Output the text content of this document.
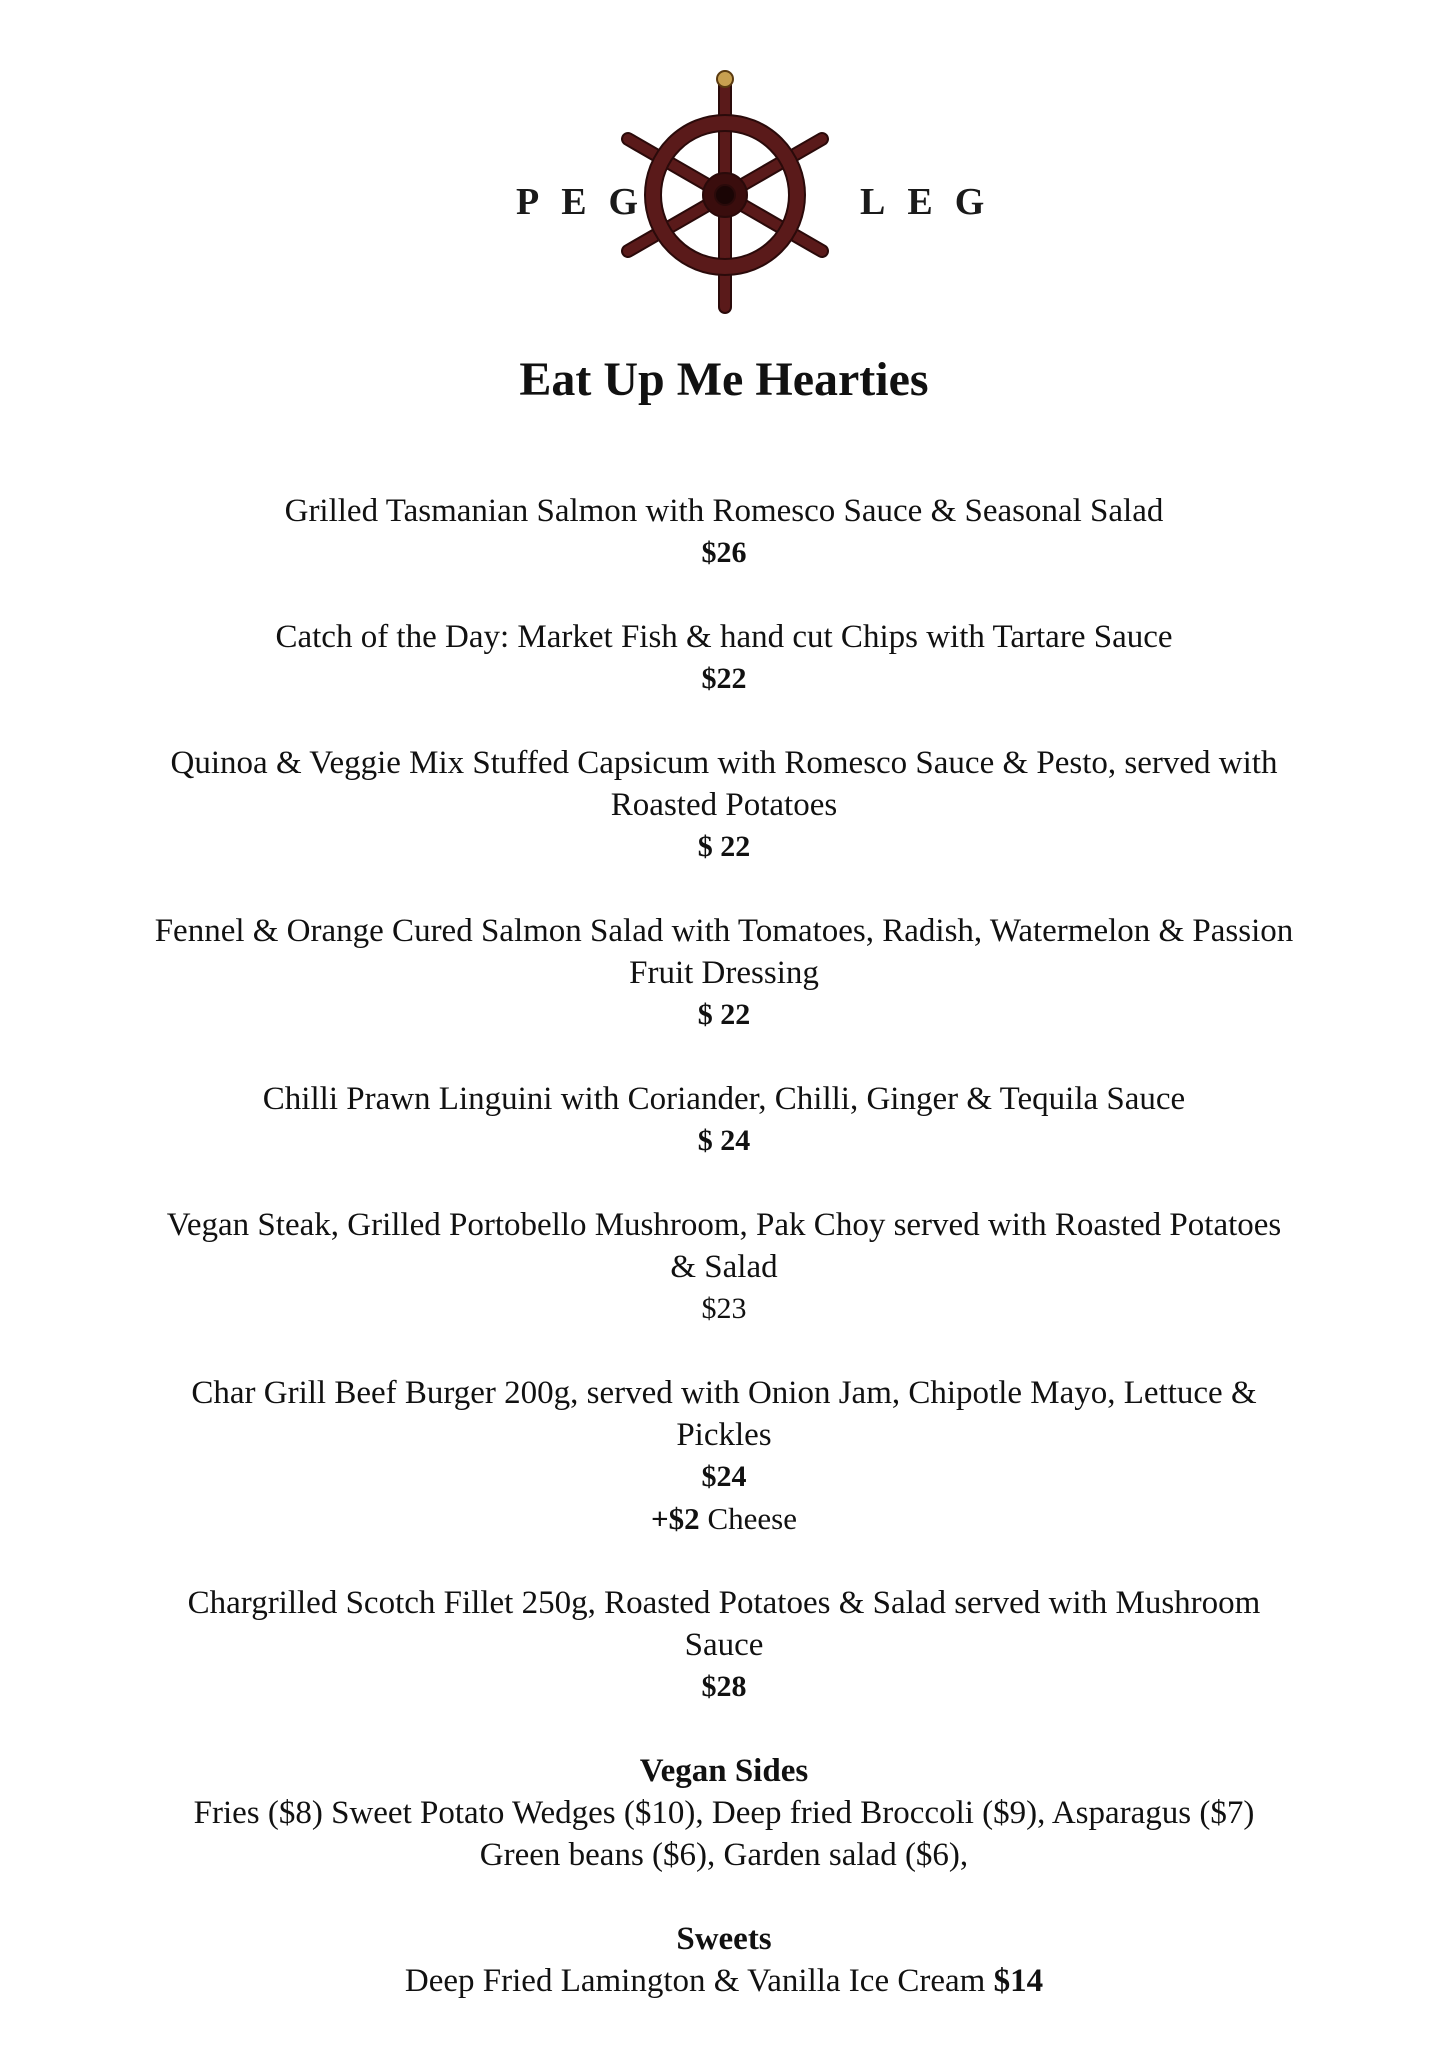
PEG	LEG
Eat Up Me Hearties
Grilled Tasmanian Salmon with Romesco Sauce & Seasonal Salad
$26
Catch of the Day: Market Fish & hand cut Chips with Tartare Sauce
$22
Quinoa & Veggie Mix Stuffed Capsicum with Romesco Sauce & Pesto, served with Roasted Potatoes
$ 22
Fennel & Orange Cured Salmon Salad with Tomatoes, Radish, Watermelon & Passion Fruit Dressing
$ 22
Chilli Prawn Linguini with Coriander, Chilli, Ginger & Tequila Sauce
$ 24
Vegan Steak, Grilled Portobello Mushroom, Pak Choy served with Roasted Potatoes & Salad
$23
Char Grill Beef Burger 200g, served with Onion Jam, Chipotle Mayo, Lettuce & Pickles
$24
+$2 Cheese
Chargrilled Scotch Fillet 250g, Roasted Potatoes & Salad served with Mushroom Sauce
$28
Vegan Sides
Fries ($8) Sweet Potato Wedges ($10), Deep fried Broccoli ($9), Asparagus ($7) Green beans ($6), Garden salad ($6),
Sweets
Deep Fried Lamington & Vanilla Ice Cream $14
